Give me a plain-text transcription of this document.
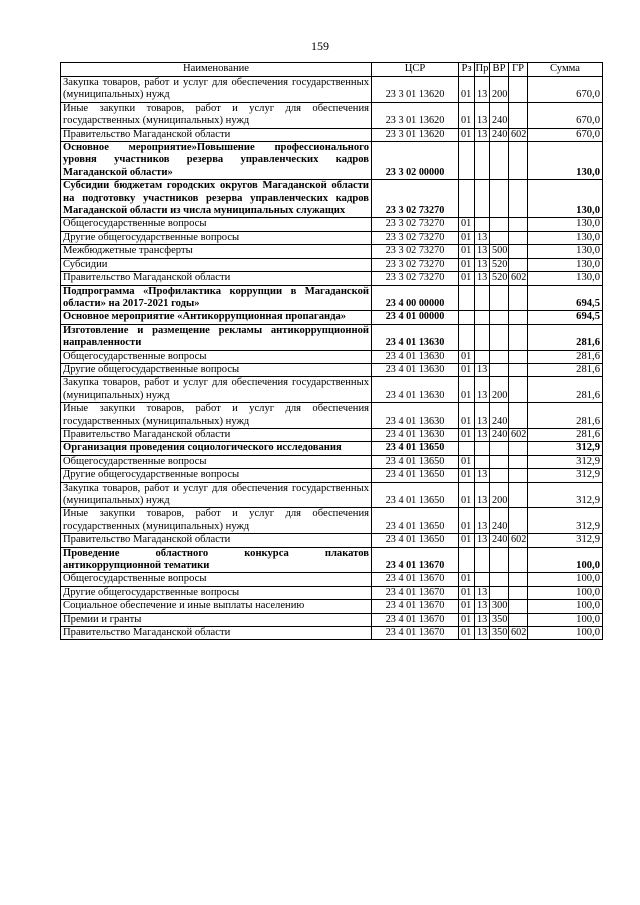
159
Наименование	ЦСР	Рз	Пр	ВР	ГР	Сумма
Закупка товаров, работ и услуг для обеспечения государственных (муниципальных) нужд	23 3 01 13620	01	13	200		670,0
Иные закупки товаров, работ и услуг для обеспечения государственных (муниципальных) нужд	23 3 01 13620	01	13	240		670,0
Правительство Магаданской области	23 3 01 13620	01	13	240	602	670,0
Основное мероприятие»Повышение профессионального уровня участников резерва управленческих кадров Магаданской области»	23 3 02 00000					130,0
Субсидии бюджетам городских округов Магаданской области на подготовку участников резерва управленческих кадров Магаданской области из числа муниципальных служащих	23 3 02 73270					130,0
Общегосударственные вопросы	23 3 02 73270	01				130,0
Другие общегосударственные вопросы	23 3 02 73270	01	13			130,0
Межбюджетные трансферты	23 3 02 73270	01	13	500		130,0
Субсидии	23 3 02 73270	01	13	520		130,0
Правительство Магаданской области	23 3 02 73270	01	13	520	602	130,0
Подпрограмма «Профилактика коррупции в Магаданской области» на 2017-2021 годы»	23 4 00 00000					694,5
Основное мероприятие «Антикоррупционная пропаганда»	23 4 01 00000					694,5
Изготовление и размещение рекламы антикоррупционной направленности	23 4 01 13630					281,6
Общегосударственные вопросы	23 4 01 13630	01				281,6
Другие общегосударственные вопросы	23 4 01 13630	01	13			281,6
Закупка товаров, работ и услуг для обеспечения государственных (муниципальных) нужд	23 4 01 13630	01	13	200		281,6
Иные закупки товаров, работ и услуг для обеспечения государственных (муниципальных) нужд	23 4 01 13630	01	13	240		281,6
Правительство Магаданской области	23 4 01 13630	01	13	240	602	281,6
Организация проведения социологического исследования	23 4 01 13650					312,9
Общегосударственные вопросы	23 4 01 13650	01				312,9
Другие общегосударственные вопросы	23 4 01 13650	01	13			312,9
Закупка товаров, работ и услуг для обеспечения государственных (муниципальных) нужд	23 4 01 13650	01	13	200		312,9
Иные закупки товаров, работ и услуг для обеспечения государственных (муниципальных) нужд	23 4 01 13650	01	13	240		312,9
Правительство Магаданской области	23 4 01 13650	01	13	240	602	312,9
Проведение областного конкурса плакатов антикоррупционной тематики	23 4 01 13670					100,0
Общегосударственные вопросы	23 4 01 13670	01				100,0
Другие общегосударственные вопросы	23 4 01 13670	01	13			100,0
Социальное обеспечение и иные выплаты населению	23 4 01 13670	01	13	300		100,0
Премии и гранты	23 4 01 13670	01	13	350		100,0
Правительство Магаданской области	23 4 01 13670	01	13	350	602	100,0
